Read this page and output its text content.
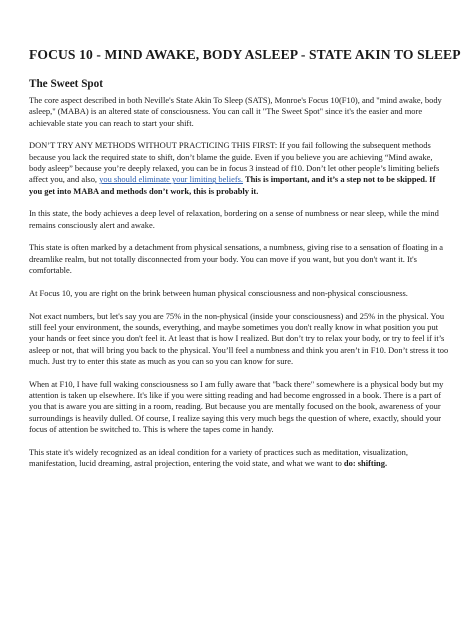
FOCUS 10 - MIND AWAKE, BODY ASLEEP - STATE AKIN TO SLEEP
The Sweet Spot

The core aspect described in both Neville's State Akin To Sleep (SATS), Monroe's Focus 10(F10), and "mind awake, body asleep," (MABA) is an altered state of consciousness. You can call it "The Sweet Spot" since it's the easier and more achievable state you can reach to start your shift.

DON’T TRY ANY METHODS WITHOUT PRACTICING THIS FIRST: If you fail following the subsequent methods because you lack the required state to shift, don’t blame the guide. Even if you believe you are achieving “Mind awake, body asleep” because you’re deeply relaxed, you can be in focus 3 instead of f10. Don’t let other people’s limiting beliefs affect you, and also, you should eliminate your limiting beliefs. This is important, and it’s a step not to be skipped. If you get into MABA and methods don’t work, this is probably it.

In this state, the body achieves a deep level of relaxation, bordering on a sense of numbness or near sleep, while the mind remains consciously alert and awake.

This state is often marked by a detachment from physical sensations, a numbness, giving rise to a sensation of floating in a dreamlike realm, but not totally disconnected from your body. You can move if you want, but you don't want it. It's comfortable.

At Focus 10, you are right on the brink between human physical consciousness and non-physical consciousness.

Not exact numbers, but let's say you are 75% in the non-physical (inside your consciousness) and 25% in the physical. You still feel your environment, the sounds, everything, and maybe sometimes you don't really know in what position you put your hands or feet since you don't feel it. At least that is how I realized. But don’t try to relax your body, or try to feel if it’s asleep or not, that will bring you back to the physical. You’ll feel a numbness and think you aren’t in F10. Don’t stress it too much. Just try to enter this state as much as you can so you can know for sure.

When at F10, I have full waking consciousness so I am fully aware that "back there" somewhere is a physical body but my attention is taken up elsewhere. It's like if you were sitting reading and had become engrossed in a book. There is a part of you that is aware you are sitting in a room, reading. But because you are mentally focused on the book, awareness of your surroundings is heavily dulled. Of course, I realize saying this very much begs the question of where, exactly, should your focus of attention be switched to. This is where the tapes come in handy.

This state it's widely recognized as an ideal condition for a variety of practices such as meditation, visualization, manifestation, lucid dreaming, astral projection, entering the void state, and what we want to do: shifting.
